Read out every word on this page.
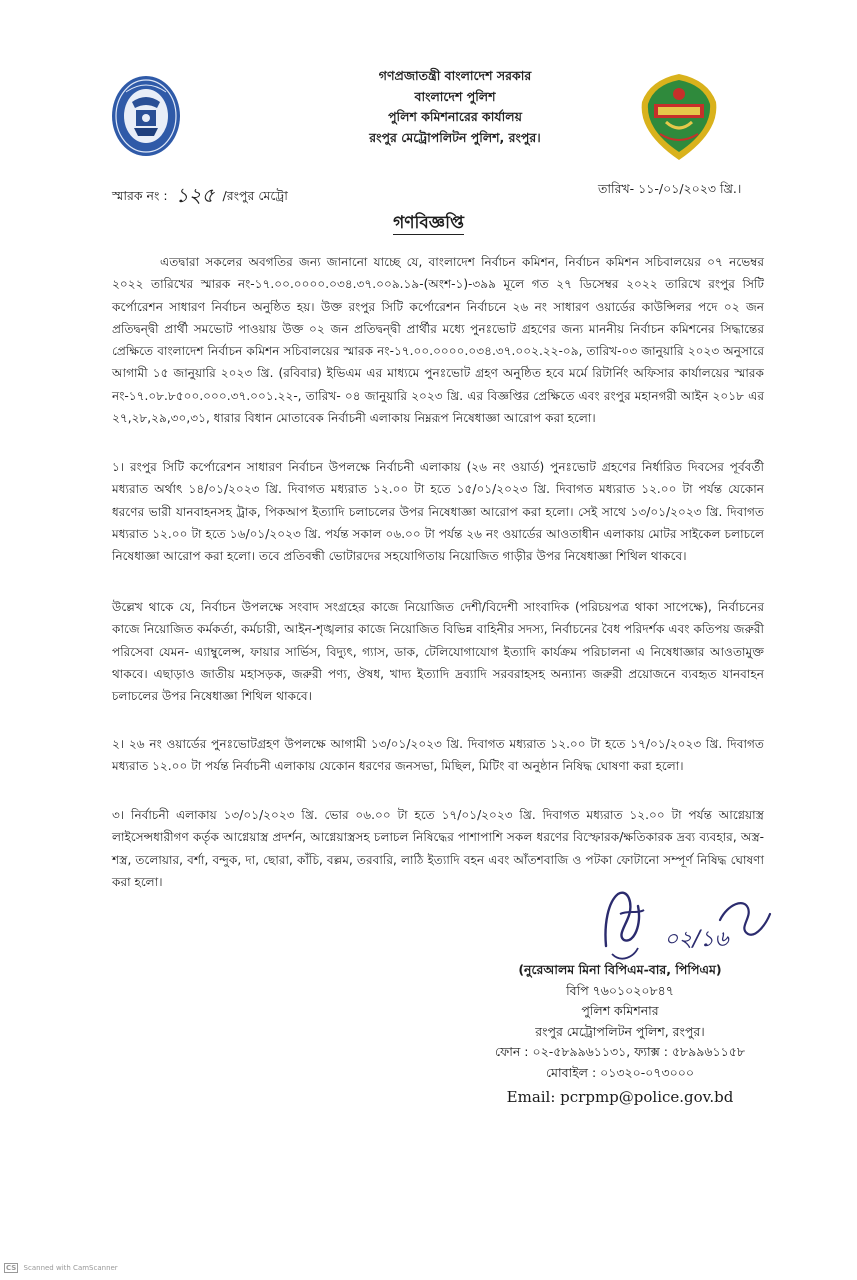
গণপ্রজাতন্ত্রী বাংলাদেশ সরকার
বাংলাদেশ পুলিশ
পুলিশ কমিশনারের কার্যালয়
রংপুর মেট্রোপলিটন পুলিশ, রংপুর।
স্মারক নং : ১২৫ /রংপুর মেট্রো	তারিখ- ১১-/০১/২০২৩ খ্রি.।
গণবিজ্ঞপ্তি

এতদ্বারা সকলের অবগতির জন্য জানানো যাচ্ছে যে, বাংলাদেশ নির্বাচন কমিশন, নির্বাচন কমিশন সচিবালয়ের ০৭ নভেম্বর ২০২২ তারিখের স্মারক নং-১৭.০০.০০০০.০৩৪.৩৭.০০৯.১৯-(অংশ-১)-৩৯৯ মূলে গত ২৭ ডিসেম্বর ২০২২ তারিখে রংপুর সিটি কর্পোরেশন সাধারণ নির্বাচন অনুষ্ঠিত হয়। উক্ত রংপুর সিটি কর্পোরেশন নির্বাচনে ২৬ নং সাধারণ ওয়ার্ডের কাউন্সিলর পদে ০২ জন প্রতিদ্বন্দ্বী প্রার্থী সমভোট পাওয়ায় উক্ত ০২ জন প্রতিদ্বন্দ্বী প্রার্থীর মধ্যে পুনঃভোট গ্রহণের জন্য মাননীয় নির্বাচন কমিশনের সিদ্ধান্তের প্রেক্ষিতে বাংলাদেশ নির্বাচন কমিশন সচিবালয়ের স্মারক নং-১৭.০০.০০০০.০৩৪.৩৭.০০২.২২-০৯, তারিখ-০৩ জানুয়ারি ২০২৩ অনুসারে আগামী ১৫ জানুয়ারি ২০২৩ খ্রি. (রবিবার) ইভিএম এর মাধ্যমে পুনঃভোট গ্রহণ অনুষ্ঠিত হবে মর্মে রিটার্নিং অফিসার কার্যালয়ের স্মারক নং-১৭.০৮.৮৫০০.০০০.৩৭.০০১.২২-, তারিখ- ০৪ জানুয়ারি ২০২৩ খ্রি. এর বিজ্ঞপ্তির প্রেক্ষিতে এবং রংপুর মহানগরী আইন ২০১৮ এর ২৭,২৮,২৯,৩০,৩১, ধারার বিধান মোতাবেক নির্বাচনী এলাকায় নিম্নরূপ নিষেধাজ্ঞা আরোপ করা হলো।

১। রংপুর সিটি কর্পোরেশন সাধারণ নির্বাচন উপলক্ষে নির্বাচনী এলাকায় (২৬ নং ওয়ার্ড) পুনঃভোট গ্রহণের নির্ধারিত দিবসের পূর্ববর্তী মধ্যরাত অর্থাৎ ১৪/০১/২০২৩ খ্রি. দিবাগত মধ্যরাত ১২.০০ টা হতে ১৫/০১/২০২৩ খ্রি. দিবাগত মধ্যরাত ১২.০০ টা পর্যন্ত যেকোন ধরণের ভারী যানবাহনসহ ট্রাক, পিকআপ ইত্যাদি চলাচলের উপর নিষেধাজ্ঞা আরোপ করা হলো। সেই সাথে ১৩/০১/২০২৩ খ্রি. দিবাগত মধ্যরাত ১২.০০ টা হতে ১৬/০১/২০২৩ খ্রি. পর্যন্ত সকাল ০৬.০০ টা পর্যন্ত ২৬ নং ওয়ার্ডের আওতাধীন এলাকায় মোটর সাইকেল চলাচলে নিষেধাজ্ঞা আরোপ করা হলো। তবে প্রতিবন্ধী ভোটারদের সহযোগিতায় নিয়োজিত গাড়ীর উপর নিষেধাজ্ঞা শিথিল থাকবে।

উল্লেখ থাকে যে, নির্বাচন উপলক্ষে সংবাদ সংগ্রহের কাজে নিয়োজিত দেশী/বিদেশী সাংবাদিক (পরিচয়পত্র থাকা সাপেক্ষে), নির্বাচনের কাজে নিয়োজিত কর্মকর্তা, কর্মচারী, আইন-শৃঙ্খলার কাজে নিয়োজিত বিভিন্ন বাহিনীর সদস্য, নির্বাচনের বৈধ পরিদর্শক এবং কতিপয় জরুরী পরিসেবা যেমন- এ্যাম্বুলেন্স, ফায়ার সার্ভিস, বিদ্যুৎ, গ্যাস, ডাক, টেলিযোগাযোগ ইত্যাদি কার্যক্রম পরিচালনা এ নিষেধাজ্ঞার আওতামুক্ত থাকবে। এছাড়াও জাতীয় মহাসড়ক, জরুরী পণ্য, ঔষধ, খাদ্য ইত্যাদি দ্রব্যাদি সরবরাহসহ অন্যান্য জরুরী প্রয়োজনে ব্যবহৃত যানবাহন চলাচলের উপর নিষেধাজ্ঞা শিথিল থাকবে।

২। ২৬ নং ওয়ার্ডের পুনঃভোটগ্রহণ উপলক্ষে আগামী ১৩/০১/২০২৩ খ্রি. দিবাগত মধ্যরাত ১২.০০ টা হতে ১৭/০১/২০২৩ খ্রি. দিবাগত মধ্যরাত ১২.০০ টা পর্যন্ত নির্বাচনী এলাকায় যেকোন ধরণের জনসভা, মিছিল, মিটিং বা অনুষ্ঠান নিষিদ্ধ ঘোষণা করা হলো।

৩। নির্বাচনী এলাকায় ১৩/০১/২০২৩ খ্রি. ভোর ০৬.০০ টা হতে ১৭/০১/২০২৩ খ্রি. দিবাগত মধ্যরাত ১২.০০ টা পর্যন্ত আগ্নেয়াস্ত্র লাইসেন্সধারীগণ কর্তৃক আগ্নেয়াস্ত্র প্রদর্শন, আগ্নেয়াস্ত্রসহ চলাচল নিষিদ্ধের পাশাপাশি সকল ধরণের বিস্ফোরক/ক্ষতিকারক দ্রব্য ব্যবহার, অস্ত্র-শস্ত্র, তলোয়ার, বর্শা, বন্দুক, দা, ছোরা, কাঁচি, বল্লম, তরবারি, লাঠি ইত্যাদি বহন এবং আঁতশবাজি ও পটকা ফোটানো সম্পূর্ণ নিষিদ্ধ ঘোষণা করা হলো।

০২/১৬
(নুরেআলম মিনা বিপিএম-বার, পিপিএম)
বিপি ৭৬০১০২০৮৪৭
পুলিশ কমিশনার
রংপুর মেট্রোপলিটন পুলিশ, রংপুর।
ফোন : ০২-৫৮৯৯৬১১৩১, ফ্যাক্স : ৫৮৯৯৬১১৫৮
মোবাইল : ০১৩২০-০৭৩০০০
Email: pcrpmp@police.gov.bd
CS Scanned with CamScanner
